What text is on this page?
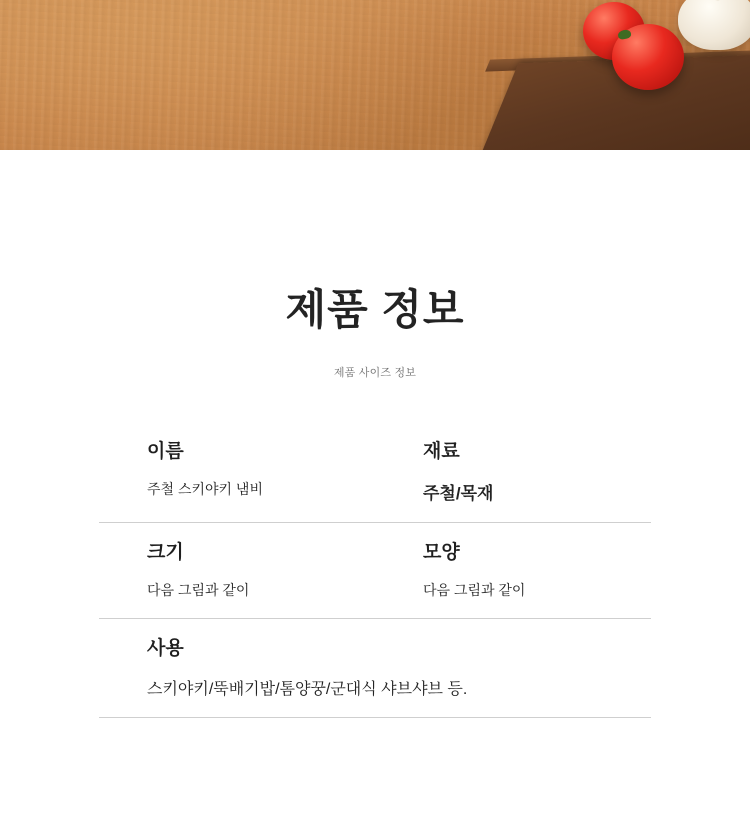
제품 정보
제품 사이즈 정보
이름
주철 스키야키 냄비
재료
주철/목재
크기
다음 그림과 같이
모양
다음 그림과 같이
사용
스키야키/뚝배기밥/톰양꿍/군대식 샤브샤브 등.
